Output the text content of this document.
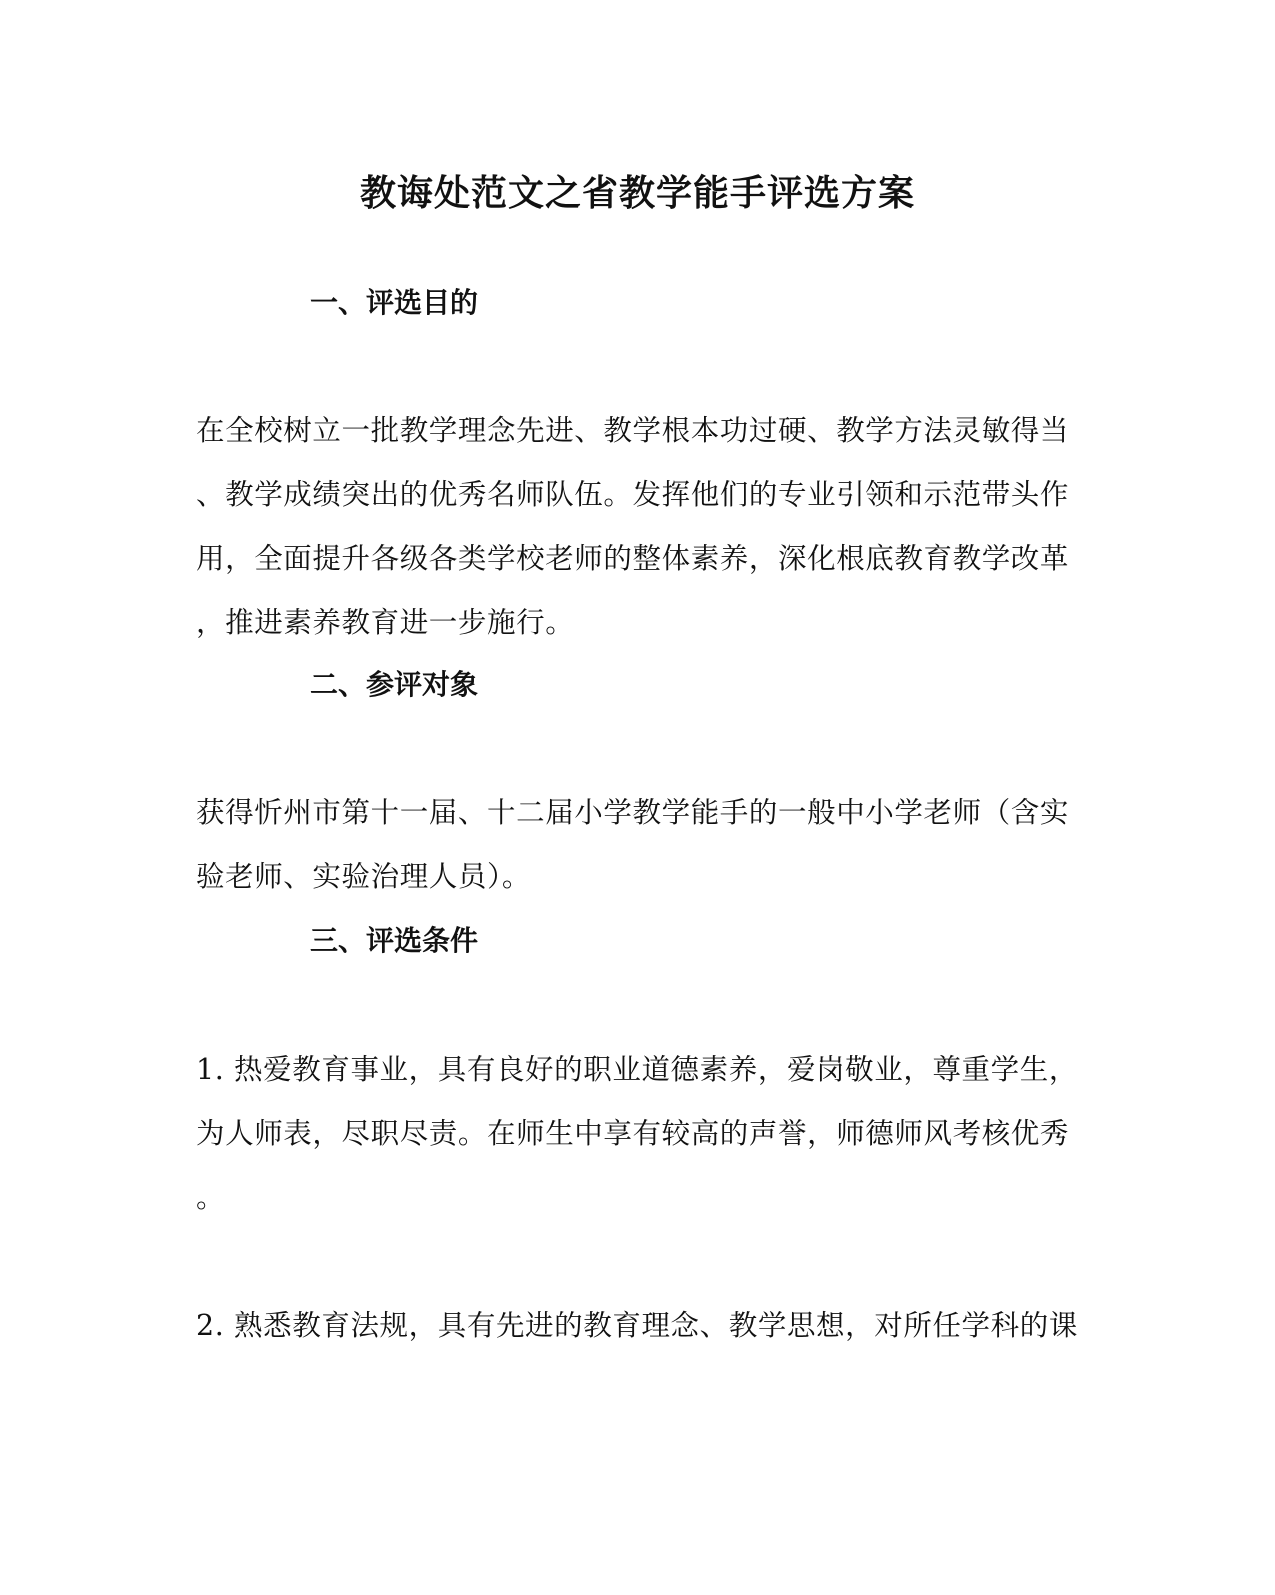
教诲处范文之省教学能手评选方案
一、评选目的
在全校树立一批教学理念先进、教学根本功过硬、教学方法灵敏得当
、教学成绩突出的优秀名师队伍。发挥他们的专业引领和示范带头作
用，全面提升各级各类学校老师的整体素养，深化根底教育教学改革
，推进素养教育进一步施行。
二、参评对象
获得忻州市第十一届、十二届小学教学能手的一般中小学老师（含实
验老师、实验治理人员）。
三、评选条件
1. 热爱教育事业，具有良好的职业道德素养，爱岗敬业，尊重学生，
为人师表，尽职尽责。在师生中享有较高的声誉，师德师风考核优秀
。
2. 熟悉教育法规，具有先进的教育理念、教学思想，对所任学科的课
